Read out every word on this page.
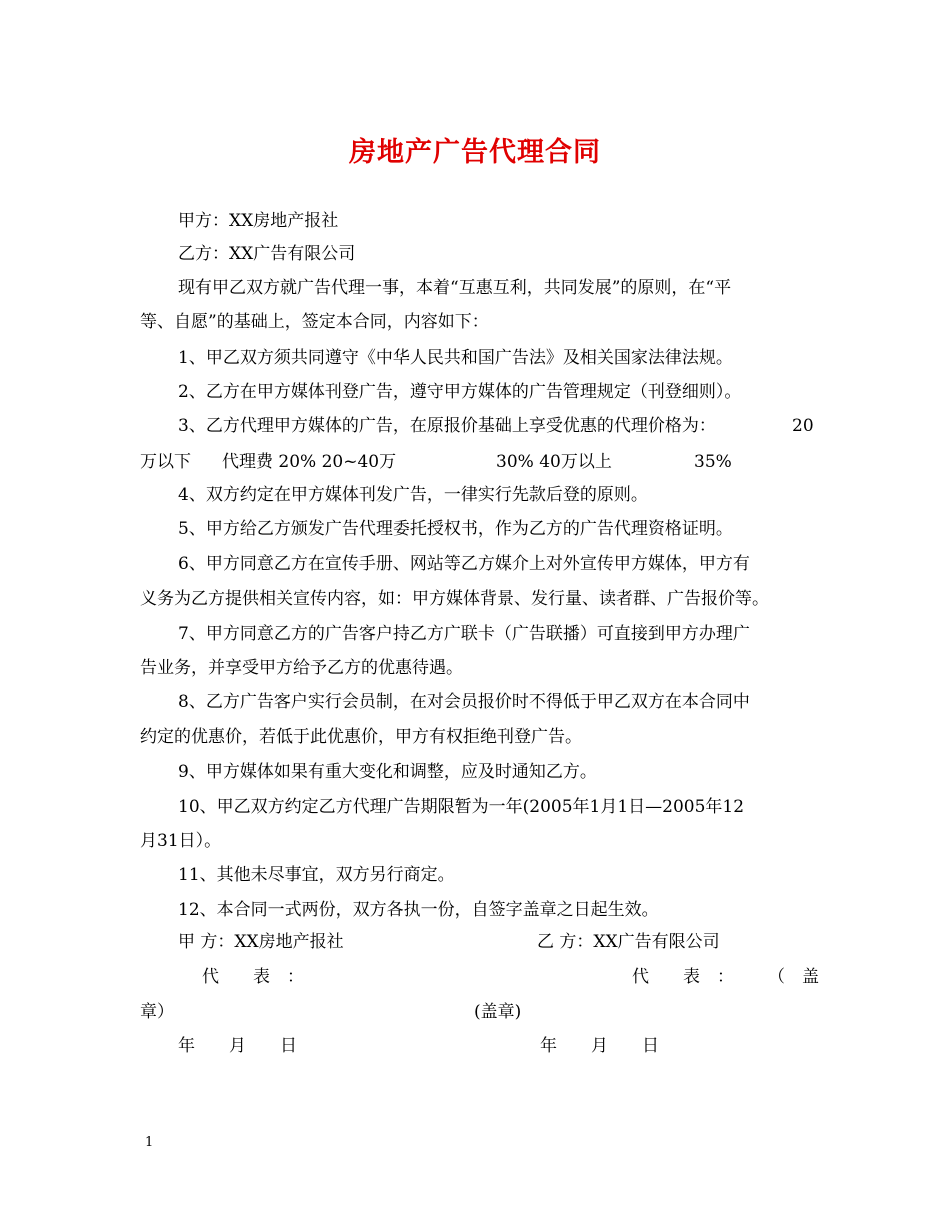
房地产广告代理合同
甲方：XX房地产报社
乙方：XX广告有限公司
现有甲乙双方就广告代理一事，本着“互惠互利，共同发展”的原则，在“平
等、自愿”的基础上，签定本合同，内容如下：
1、甲乙双方须共同遵守《中华人民共和国广告法》及相关国家法律法规。
2、乙方在甲方媒体刊登广告，遵守甲方媒体的广告管理规定（刊登细则）。
3、乙方代理甲方媒体的广告，在原报价基础上享受优惠的代理价格为：	20
万以下 代理费 20% 20~40万	30% 40万以上	35%
4、双方约定在甲方媒体刊发广告，一律实行先款后登的原则。
5、甲方给乙方颁发广告代理委托授权书，作为乙方的广告代理资格证明。
6、甲方同意乙方在宣传手册、网站等乙方媒介上对外宣传甲方媒体，甲方有
义务为乙方提供相关宣传内容，如：甲方媒体背景、发行量、读者群、广告报价等。
7、甲方同意乙方的广告客户持乙方广联卡（广告联播）可直接到甲方办理广
告业务，并享受甲方给予乙方的优惠待遇。
8、乙方广告客户实行会员制，在对会员报价时不得低于甲乙双方在本合同中
约定的优惠价，若低于此优惠价，甲方有权拒绝刊登广告。
9、甲方媒体如果有重大变化和调整，应及时通知乙方。
10、甲乙双方约定乙方代理广告期限暂为一年(2005年1月1日—2005年12
月31日）。
11、其他未尽事宜，双方另行商定。
12、本合同一式两份，双方各执一份，自签字盖章之日起生效。
甲 方：XX房地产报社	乙 方：XX广告有限公司
代　　表　：	代　　表　： （　盖
章）	(盖章)
年　　月　　日	年　　月　　日
1
